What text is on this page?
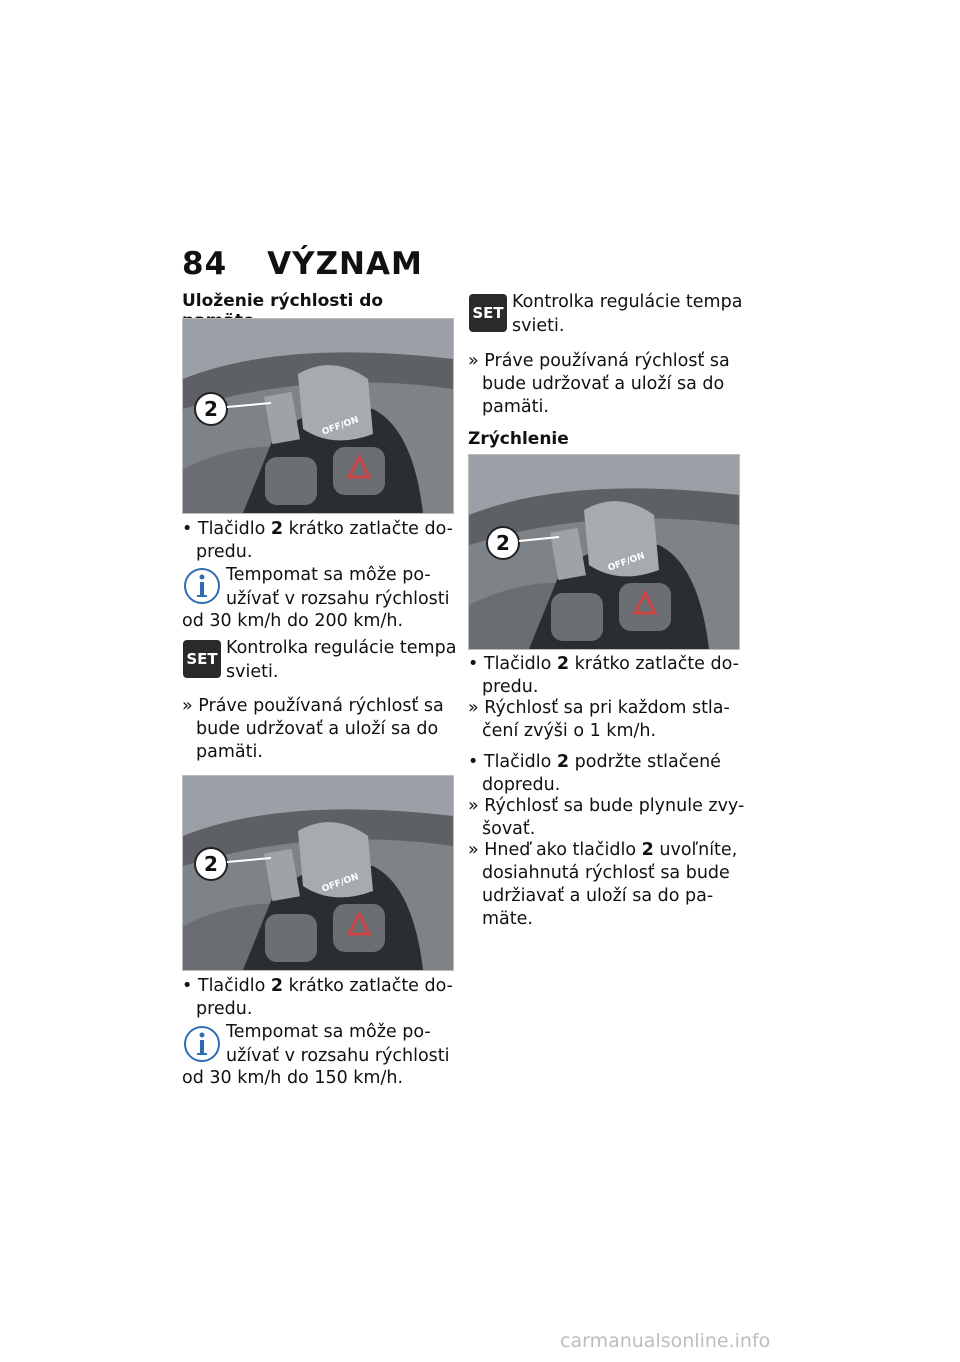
84 VÝZNAM
Uloženie rýchlosti do
2
OFF/ON
• Tlačidlo 2 krátko zatlačte do-
predu.
Tempomat sa môže po-
užívať v rozsahu rýchlosti
od 30 km/h do 200 km/h.
SET
Kontrolka regulácie tempa
svieti.
» Práve používaná rýchlosť sa
bude udržovať a uloží sa do
pamäti.
2
OFF/ON
• Tlačidlo 2 krátko zatlačte do-
predu.
Tempomat sa môže po-
užívať v rozsahu rýchlosti
od 30 km/h do 150 km/h.
SET
Kontrolka regulácie tempa
svieti.
» Práve používaná rýchlosť sa
bude udržovať a uloží sa do
pamäti.
Zrýchlenie
2
OFF/ON
• Tlačidlo 2 krátko zatlačte do-
predu.
» Rýchlosť sa pri každom stla-
čení zvýši o 1 km/h.
• Tlačidlo 2 podržte stlačené
dopredu.
» Rýchlosť sa bude plynule zvy-
šovať.
» Hneď ako tlačidlo 2 uvoľníte,
dosiahnutá rýchlosť sa bude
udržiavať a uloží sa do pa-
mäte.
carmanualsonline.info
